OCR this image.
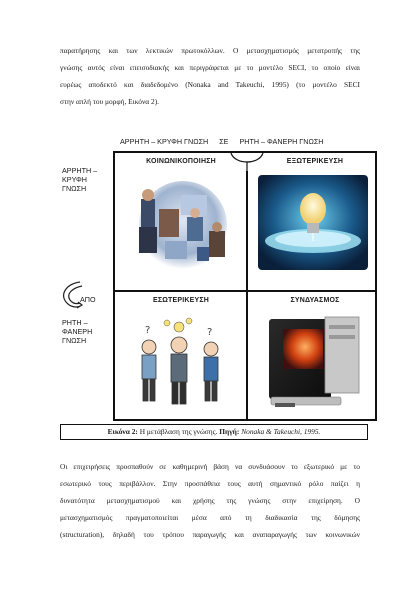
παρατήρησης και των λεκτικών πρωτοκόλλων. Ο μετασχηματισμός μετατροπής της
γνώσης αυτός είναι επεισοδιακής και περιγράφεται με το μοντέλο SECI, το οποίο είναι
ευρέως αποδεκτό και διαδεδομένο (Nonaka and Takeuchi, 1995) (το μοντέλο SECI
στην απλή του μορφή, Εικόνα 2).

ΑΡΡΗΤΗ – ΚΡΥΦΗ ΓΝΩΣΗ ΣΕ ΡΗΤΗ – ΦΑΝΕΡΗ ΓΝΩΣΗ
ΑΡΡΗΤΗ –
ΚΡΥΦΗ
ΓΝΩΣΗ
ΑΠΟ
ΡΗΤΗ –
ΦΑΝΕΡΗ
ΓΝΩΣΗ
ΚΟΙΝΩΝΙΚΟΠΟΙΗΣΗ	ΕΞΩΤΕΡΙΚΕΥΣΗ
ΕΣΩΤΕΡΙΚΕΥΣΗ	ΣΥΝΔΥΑΣΜΟΣ
?	?
Εικόνα 2: Η μετάβλαση της γνώσης. Πηγή: Nonaka & Takeuchi, 1995.

Οι επιχειρήσεις προσπαθούν σε καθημερινή βάση να συνδυάσουν το εξωτερικό με το
εσωτερικό τους περιβάλλον. Στην προσπάθεια τους αυτή σημαντικό ρόλο παίζει η
δυνατότητα μετασχηματισμού και χρήσης της γνώσης στην επιχείρηση. Ο
μετασχηματισμός πραγματοποιείται μέσα από τη διαδικασία της δόμησης
(structuration), δηλαδή του τρόπου παραγωγής και αναπαραγωγής των κοινωνικών
